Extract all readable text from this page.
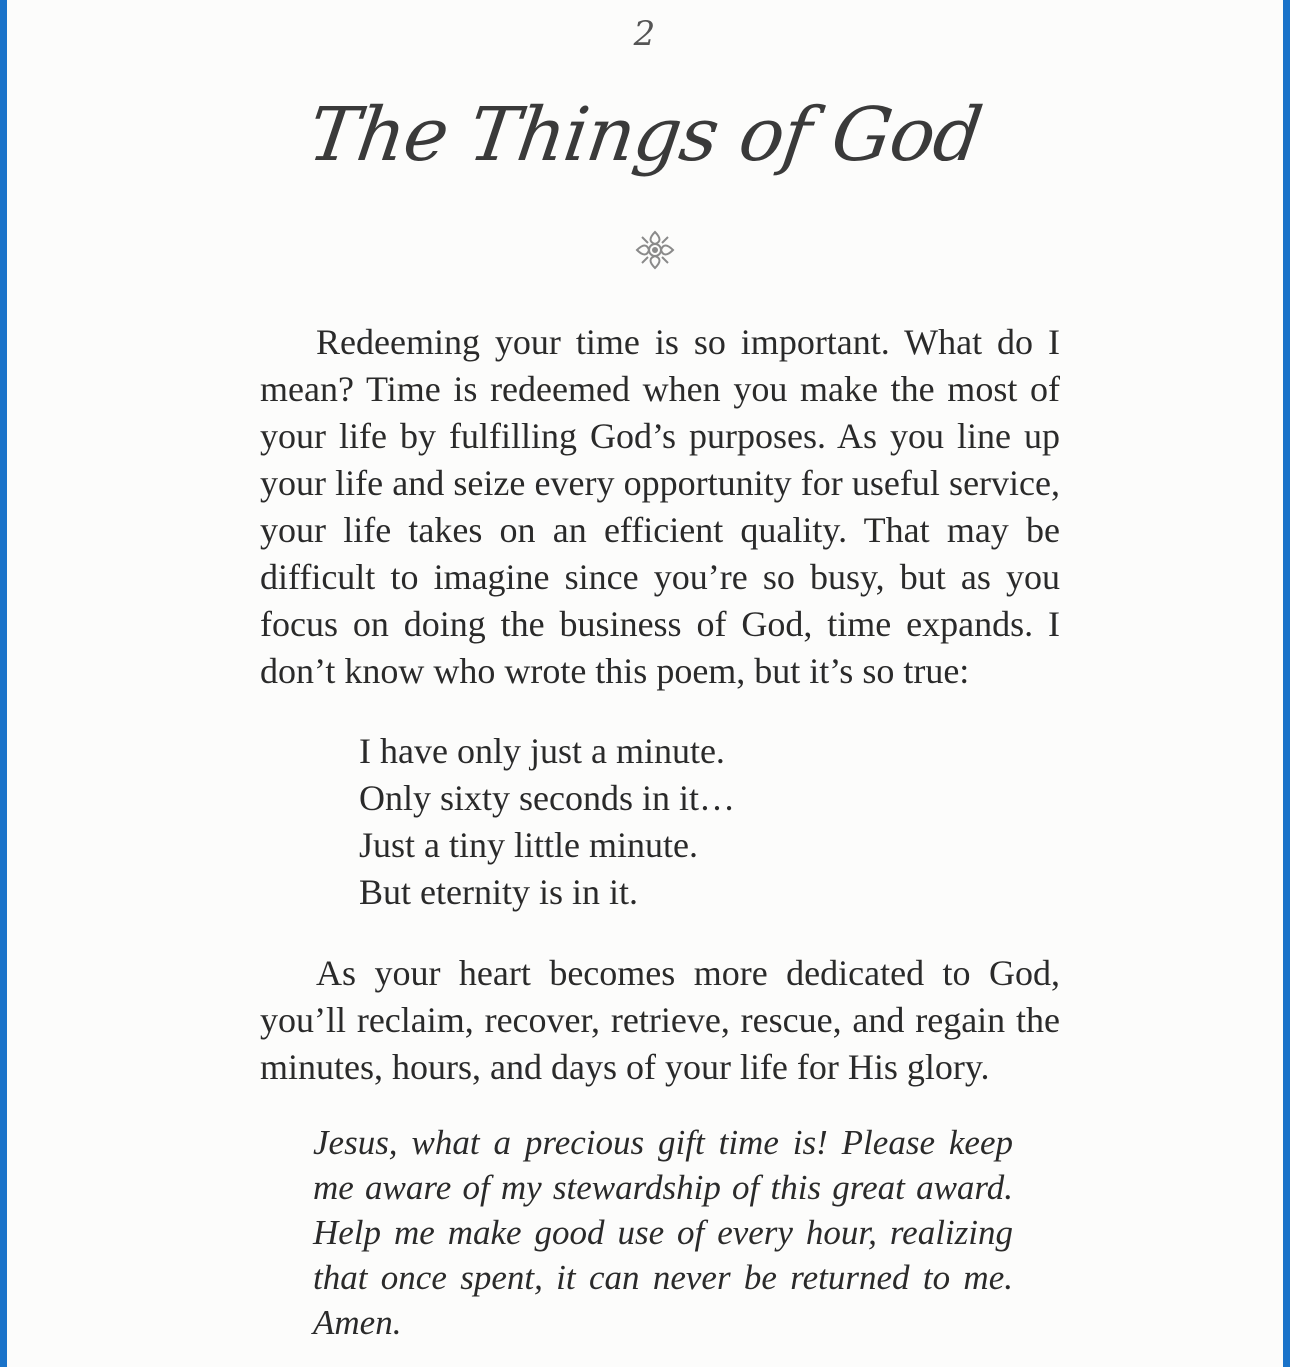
2
The Things of God

Redeeming your time is so important. What do I mean? Time is redeemed when you make the most of your life by fulfilling God’s purposes. As you line up your life and seize every opportunity for useful service, your life takes on an efficient quality. That may be difficult to imagine since you’re so busy, but as you focus on doing the business of God, time expands. I don’t know who wrote this poem, but it’s so true:

I have only just a minute.
Only sixty seconds in it…
Just a tiny little minute.
But eternity is in it.

As your heart becomes more dedicated to God, you’ll reclaim, recover, retrieve, rescue, and regain the minutes, hours, and days of your life for His glory.

Jesus, what a precious gift time is! Please keep me aware of my stewardship of this great award. Help me make good use of every hour, realizing that once spent, it can never be returned to me. Amen.
